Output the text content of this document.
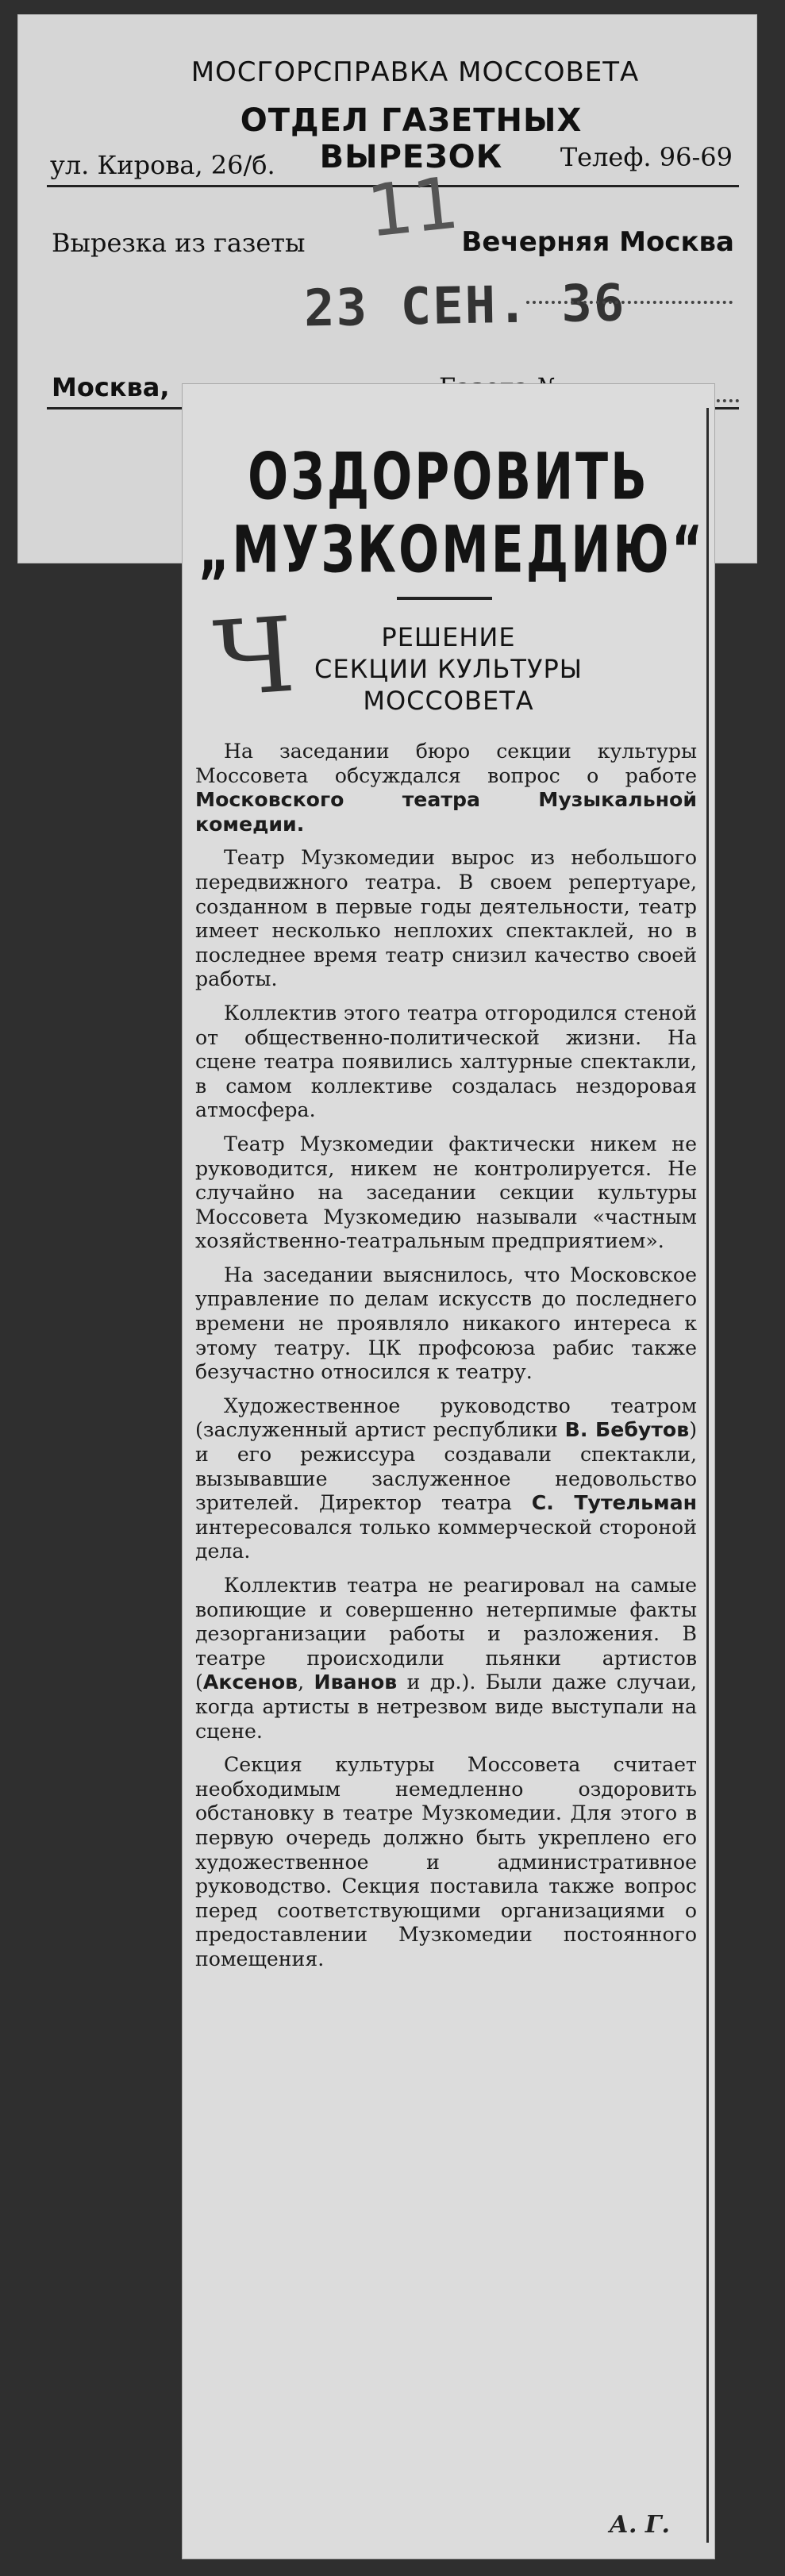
МОСГОРСПРАВКА МОССОВЕТА
ОТДЕЛ ГАЗЕТНЫХ ВЫРЕЗОК
ул. Кирова, 26/б.	Телеф. 96-69
11
Вырезка из газеты	Вечерняя Москва
23 СЕН. 36
Москва,
ОЗДОРОВИТЬ
„МУЗКОМЕДИЮ“
Ч	РЕШЕНИЕ
СЕКЦИИ КУЛЬТУРЫ
МОССОВЕТА

На заседании бюро секции культуры Моссовета обсуждался вопрос о работе Московского театра Музыкальной комедии.

Театр Музкомедии вырос из небольшого передвижного театра. В своем репертуаре, созданном в первые годы деятельности, театр имеет несколько неплохих спектаклей, но в последнее время театр снизил качество своей работы.

Коллектив этого театра отгородился стеной от общественно-политической жизни. На сцене театра появились халтурные спектакли, в самом коллективе создалась нездоровая атмосфера.

Театр Музкомедии фактически никем не руководится, никем не контролируется. Не случайно на заседании секции культуры Моссовета Музкомедию называли «частным хозяйственно-театральным предприятием».

На заседании выяснилось, что Московское управление по делам искусств до последнего времени не проявляло никакого интереса к этому театру. ЦК профсоюза рабис также безучастно относился к театру.

Художественное руководство театром (заслуженный артист республики В. Бебутов) и его режиссура создавали спектакли, вызывавшие заслуженное недовольство зрителей. Директор театра С. Тутельман интересовался только коммерческой стороной дела.

Коллектив театра не реагировал на самые вопиющие и совершенно нетерпимые факты дезорганизации работы и разложения. В театре происходили пьянки артистов (Аксенов, Иванов и др.). Были даже случаи, когда артисты в нетрезвом виде выступали на сцене.

Секция культуры Моссовета считает необходимым немедленно оздоровить обстановку в театре Музкомедии. Для этого в первую очередь должно быть укреплено его художественное и административное руководство. Секция поставила также вопрос перед соответствующими организациями о предоставлении Музкомедии постоянного помещения.

А. Г.
